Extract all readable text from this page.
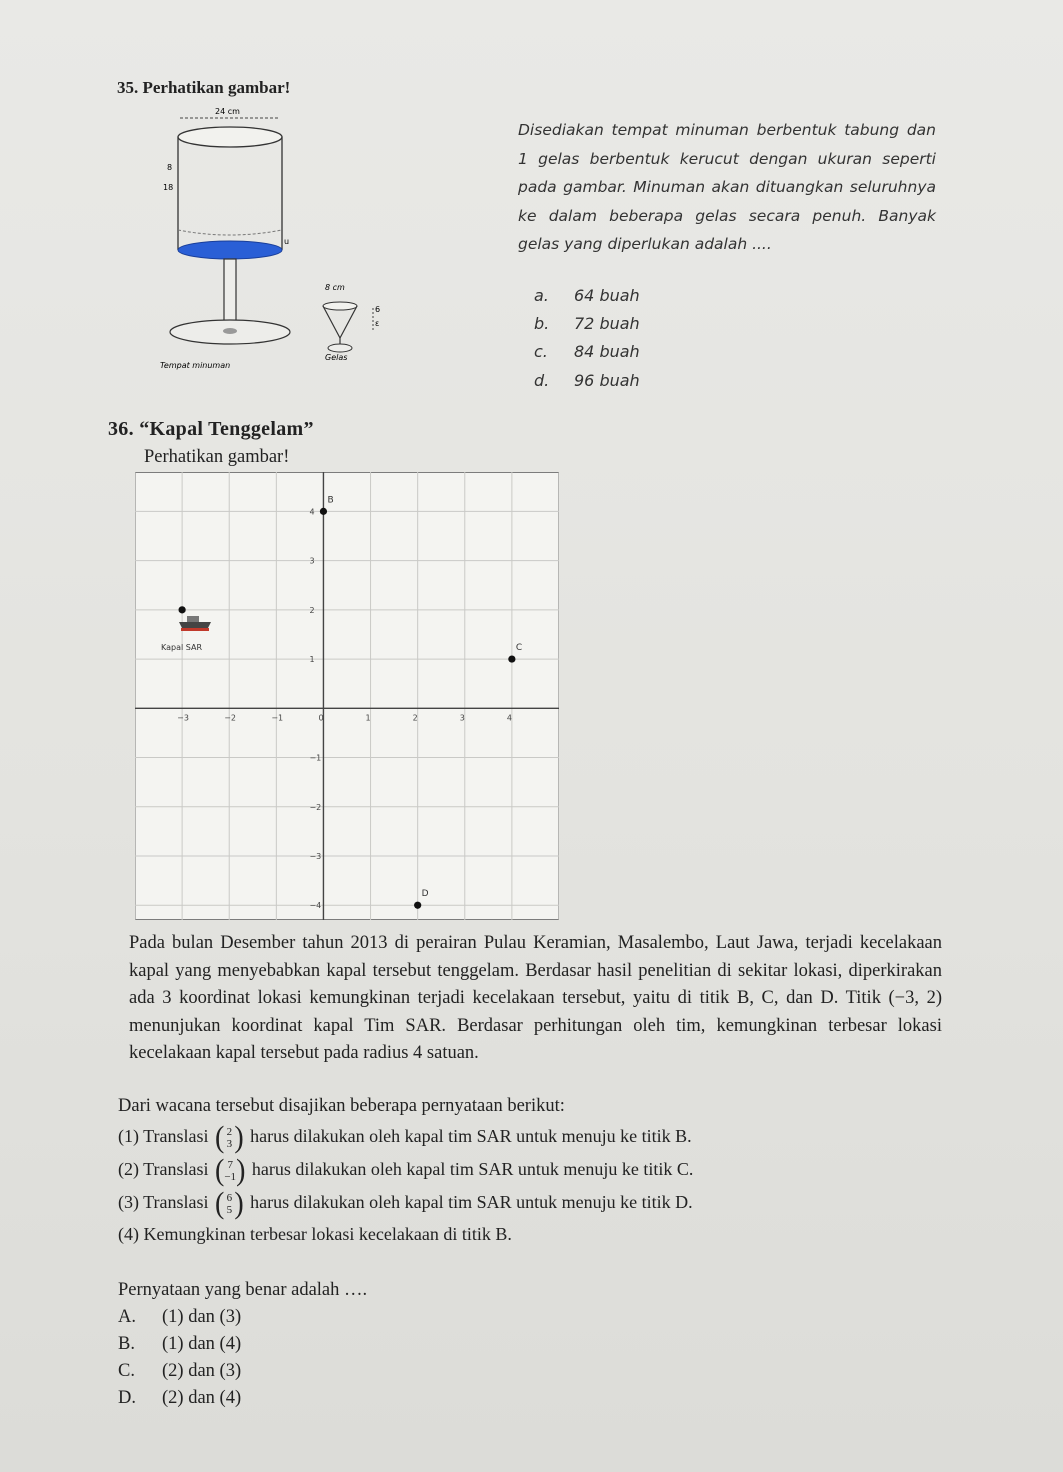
35. Perhatikan gambar!
24 cm
8
18
u
Tempat minuman
8 cm
6
ε
Gelas
Disediakan tempat minuman berbentuk tabung dan 1 gelas berbentuk kerucut dengan ukuran seperti pada gambar. Minuman akan dituangkan seluruhnya ke dalam beberapa gelas secara penuh. Banyak gelas yang diperlukan adalah ....
a. 64 buah
b. 72 buah
c. 84 buah
d. 96 buah
36. “Kapal Tenggelam”
Perhatikan gambar!
−3	−2	−1	0	1	2	3	4
4
3
2
1
−1
−2
−3
−4
Kapal SAR
B
C
D
Pada bulan Desember tahun 2013 di perairan Pulau Keramian, Masalembo, Laut Jawa, terjadi kecelakaan kapal yang menyebabkan kapal tersebut tenggelam. Berdasar hasil penelitian di sekitar lokasi, diperkirakan ada 3 koordinat lokasi kemungkinan terjadi kecelakaan tersebut, yaitu di titik B, C, dan D. Titik (−3, 2) menunjukan koordinat kapal Tim SAR. Berdasar perhitungan oleh tim, kemungkinan terbesar lokasi kecelakaan kapal tersebut pada radius 4 satuan.
Dari wacana tersebut disajikan beberapa pernyataan berikut:
(1) Translasi ( 2
3 ) harus dilakukan oleh kapal tim SAR untuk menuju ke titik B.
(2) Translasi ( 7
−1 ) harus dilakukan oleh kapal tim SAR untuk menuju ke titik C.
(3) Translasi ( 6
5 ) harus dilakukan oleh kapal tim SAR untuk menuju ke titik D.
(4) Kemungkinan terbesar lokasi kecelakaan di titik B.
Pernyataan yang benar adalah ….
A. (1) dan (3)
B. (1) dan (4)
C. (2) dan (3)
D. (2) dan (4)
